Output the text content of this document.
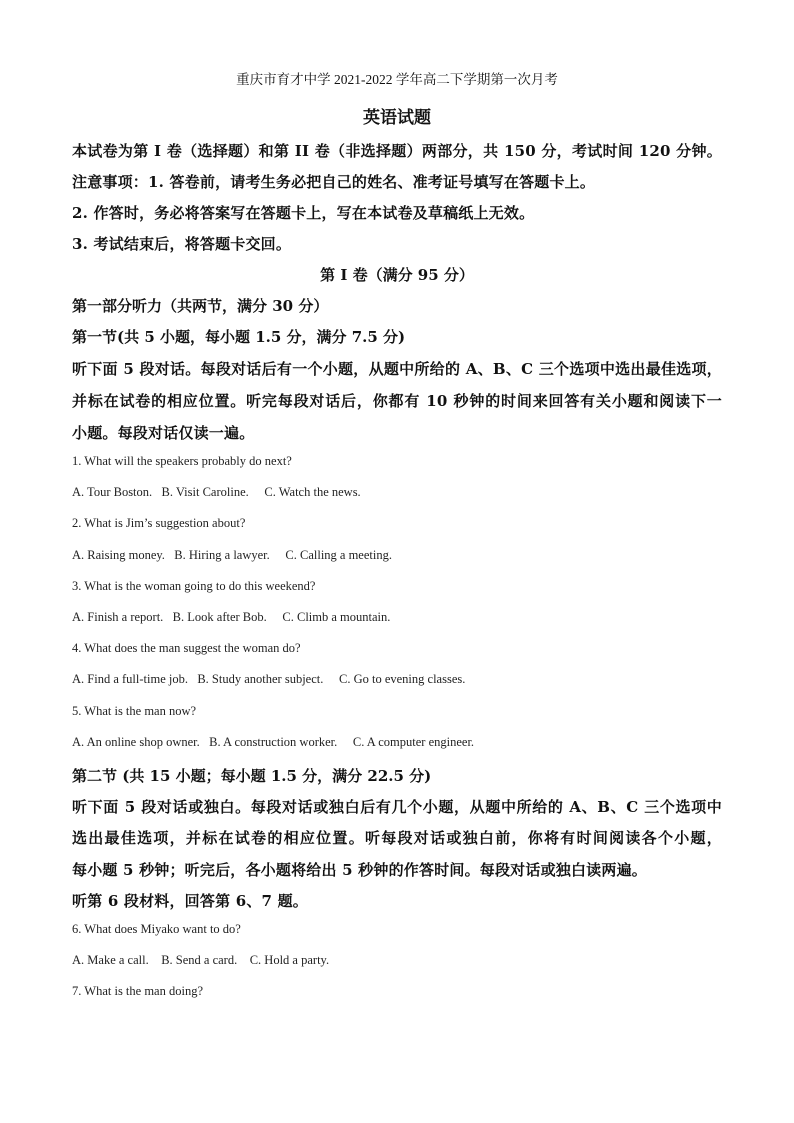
重庆市育才中学 2021-2022 学年高二下学期第一次月考
英语试题
本试卷为第 I 卷（选择题）和第 II 卷（非选择题）两部分，共 150 分，考试时间 120 分钟。
注意事项：1. 答卷前，请考生务必把自己的姓名、准考证号填写在答题卡上。
2. 作答时，务必将答案写在答题卡上，写在本试卷及草稿纸上无效。
3. 考试结束后，将答题卡交回。
第 I 卷（满分 95 分）
第一部分听力（共两节，满分 30 分）
第一节(共 5 小题，每小题 1.5 分，满分 7.5 分)
听下面 5 段对话。每段对话后有一个小题，从题中所给的 A、B、C 三个选项中选出最佳选项，
并标在试卷的相应位置。听完每段对话后，你都有 10 秒钟的时间来回答有关小题和阅读下一
小题。每段对话仅读一遍。
1. What will the speakers probably do next?
A. Tour Boston.   B. Visit Caroline.     C. Watch the news.
2. What is Jim’s suggestion about?
A. Raising money.   B. Hiring a lawyer.     C. Calling a meeting.
3. What is the woman going to do this weekend?
A. Finish a report.   B. Look after Bob.     C. Climb a mountain.
4. What does the man suggest the woman do?
A. Find a full-time job.   B. Study another subject.     C. Go to evening classes.
5. What is the man now?
A. An online shop owner.   B. A construction worker.     C. A computer engineer.
第二节 (共 15 小题；每小题 1.5 分，满分 22.5 分)
听下面 5 段对话或独白。每段对话或独白后有几个小题，从题中所给的 A、B、C 三个选项中
选出最佳选项，并标在试卷的相应位置。听每段对话或独白前，你将有时间阅读各个小题，
每小题 5 秒钟；听完后，各小题将给出 5 秒钟的作答时间。每段对话或独白读两遍。
听第 6 段材料，回答第 6、7 题。
6. What does Miyako want to do?
A. Make a call.    B. Send a card.    C. Hold a party.
7. What is the man doing?
